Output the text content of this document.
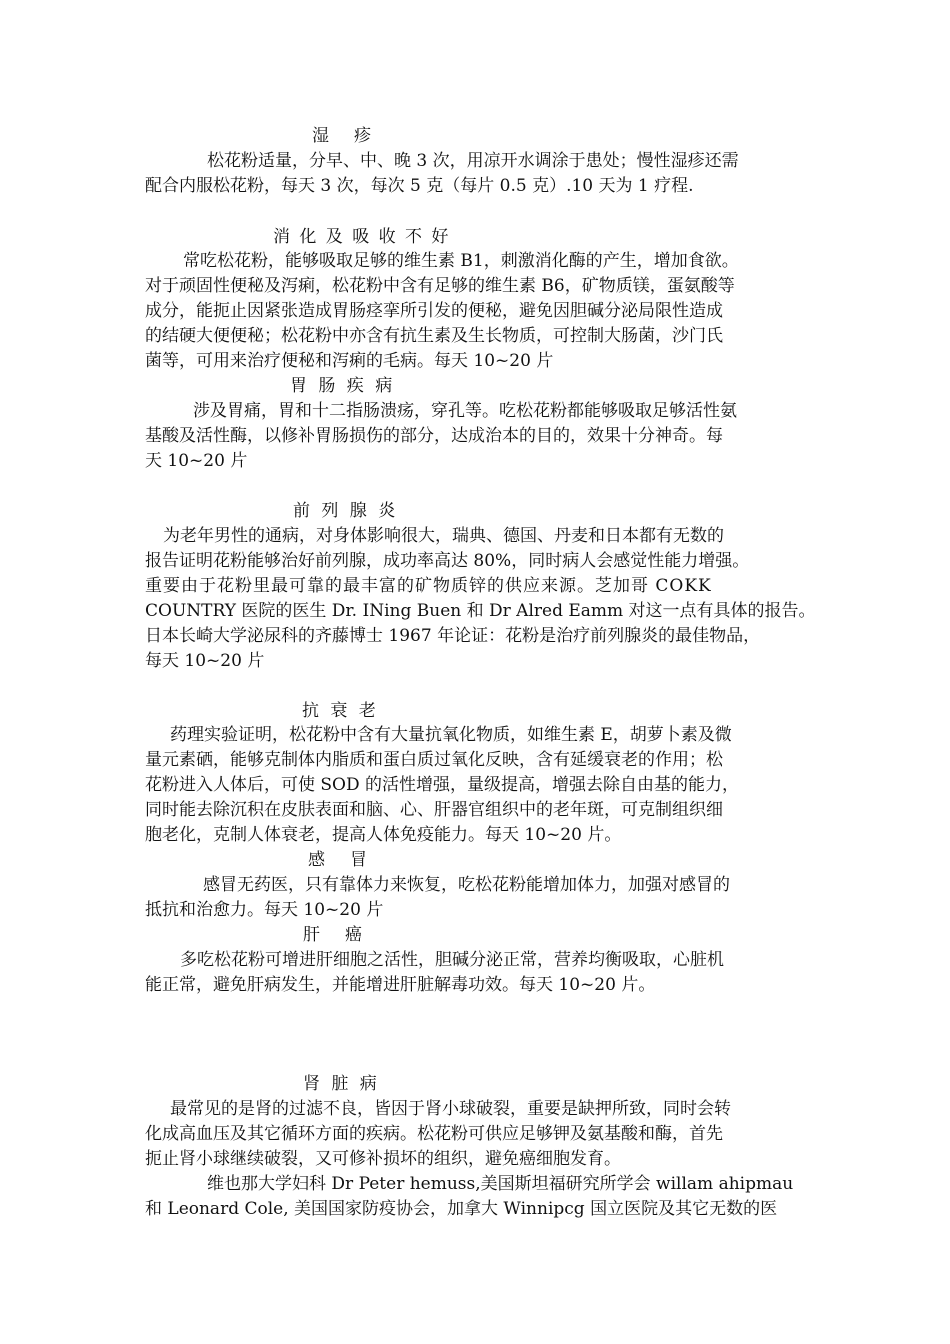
湿　疹
松花粉适量，分早、中、晚 3 次，用凉开水调涂于患处；慢性湿疹还需
配合内服松花粉，每天 3 次，每次 5 克（每片 0.5 克）.10 天为 1 疗程.
消 化 及 吸 收 不 好
常吃松花粉，能够吸取足够的维生素 B1，刺激消化酶的产生，增加食欲。
对于顽固性便秘及泻痢，松花粉中含有足够的维生素 B6，矿物质镁，蛋氨酸等
成分，能扼止因紧张造成胃肠痉挛所引发的便秘，避免因胆碱分泌局限性造成
的结硬大便便秘；松花粉中亦含有抗生素及生长物质，可控制大肠菌，沙门氏
菌等，可用来治疗便秘和泻痢的毛病。每天 10~20 片
胃 肠 疾 病
涉及胃痛，胃和十二指肠溃疡，穿孔等。吃松花粉都能够吸取足够活性氨
基酸及活性酶，以修补胃肠损伤的部分，达成治本的目的，效果十分神奇。每
天 10~20 片
前 列 腺 炎
为老年男性的通病，对身体影响很大，瑞典、德国、丹麦和日本都有无数的
报告证明花粉能够治好前列腺，成功率高达 80%，同时病人会感觉性能力增强。
重要由于花粉里最可靠的最丰富的矿物质锌的供应来源。芝加哥 COKK
COUNTRY 医院的医生 Dr. INing Buen 和 Dr Alred Eamm 对这一点有具体的报告。
日本长崎大学泌尿科的齐藤博士 1967 年论证：花粉是治疗前列腺炎的最佳物品，
每天 10~20 片
抗 衰 老
药理实验证明，松花粉中含有大量抗氧化物质，如维生素 E，胡萝卜素及微
量元素硒，能够克制体内脂质和蛋白质过氧化反映，含有延缓衰老的作用；松
花粉进入人体后，可使 SOD 的活性增强，量级提高，增强去除自由基的能力，
同时能去除沉积在皮肤表面和脑、心、肝器官组织中的老年斑，可克制组织细
胞老化，克制人体衰老，提高人体免疫能力。每天 10~20 片。
感　冒
感冒无药医，只有靠体力来恢复，吃松花粉能增加体力，加强对感冒的
抵抗和治愈力。每天 10~20 片
肝　癌
多吃松花粉可增进肝细胞之活性，胆碱分泌正常，营养均衡吸取，心脏机
能正常，避免肝病发生，并能增进肝脏解毒功效。每天 10~20 片。
肾 脏 病
最常见的是肾的过滤不良，皆因于肾小球破裂，重要是缺押所致，同时会转
化成高血压及其它循环方面的疾病。松花粉可供应足够钾及氨基酸和酶，首先
扼止肾小球继续破裂，又可修补损坏的组织，避免癌细胞发育。
维也那大学妇科 Dr Peter hemuss,美国斯坦福研究所学会 willam ahipmau
和 Leonard Cole, 美国国家防疫协会，加拿大 Winnipcg 国立医院及其它无数的医
